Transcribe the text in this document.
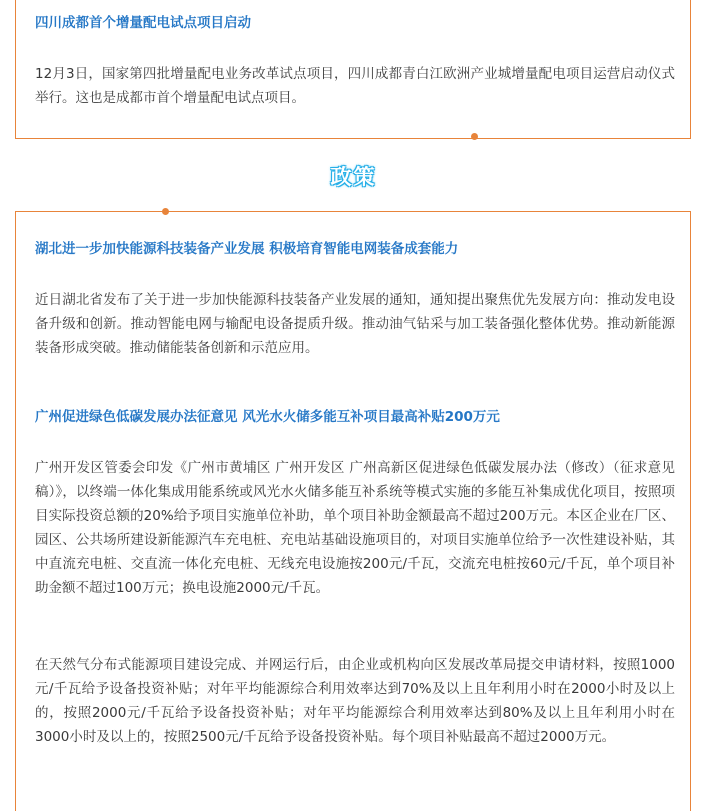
四川成都首个增量配电试点项目启动

12月3日，国家第四批增量配电业务改革试点项目，四川成都青白江欧洲产业城增量配电项目运营启动仪式举行。这也是成都市首个增量配电试点项目。

政策
湖北进一步加快能源科技装备产业发展 积极培育智能电网装备成套能力

近日湖北省发布了关于进一步加快能源科技装备产业发展的通知，通知提出聚焦优先发展方向：推动发电设备升级和创新。推动智能电网与输配电设备提质升级。推动油气钻采与加工装备强化整体优势。推动新能源装备形成突破。推动储能装备创新和示范应用。

广州促进绿色低碳发展办法征意见 风光水火储多能互补项目最高补贴200万元

广州开发区管委会印发《广州市黄埔区 广州开发区 广州高新区促进绿色低碳发展办法（修改）（征求意见稿）》，以终端一体化集成用能系统或风光水火储多能互补系统等模式实施的多能互补集成优化项目，按照项目实际投资总额的20%给予项目实施单位补助，单个项目补助金额最高不超过200万元。本区企业在厂区、园区、公共场所建设新能源汽车充电桩、充电站基础设施项目的，对项目实施单位给予一次性建设补贴，其中直流充电桩、交直流一体化充电桩、无线充电设施按200元/千瓦，交流充电桩按60元/千瓦，单个项目补助金额不超过100万元；换电设施2000元/千瓦。

在天然气分布式能源项目建设完成、并网运行后，由企业或机构向区发展改革局提交申请材料，按照1000元/千瓦给予设备投资补贴；对年平均能源综合利用效率达到70%及以上且年利用小时在2000小时及以上的，按照2000元/千瓦给予设备投资补贴；对年平均能源综合利用效率达到80%及以上且年利用小时在3000小时及以上的，按照2500元/千瓦给予设备投资补贴。每个项目补贴最高不超过2000万元。
